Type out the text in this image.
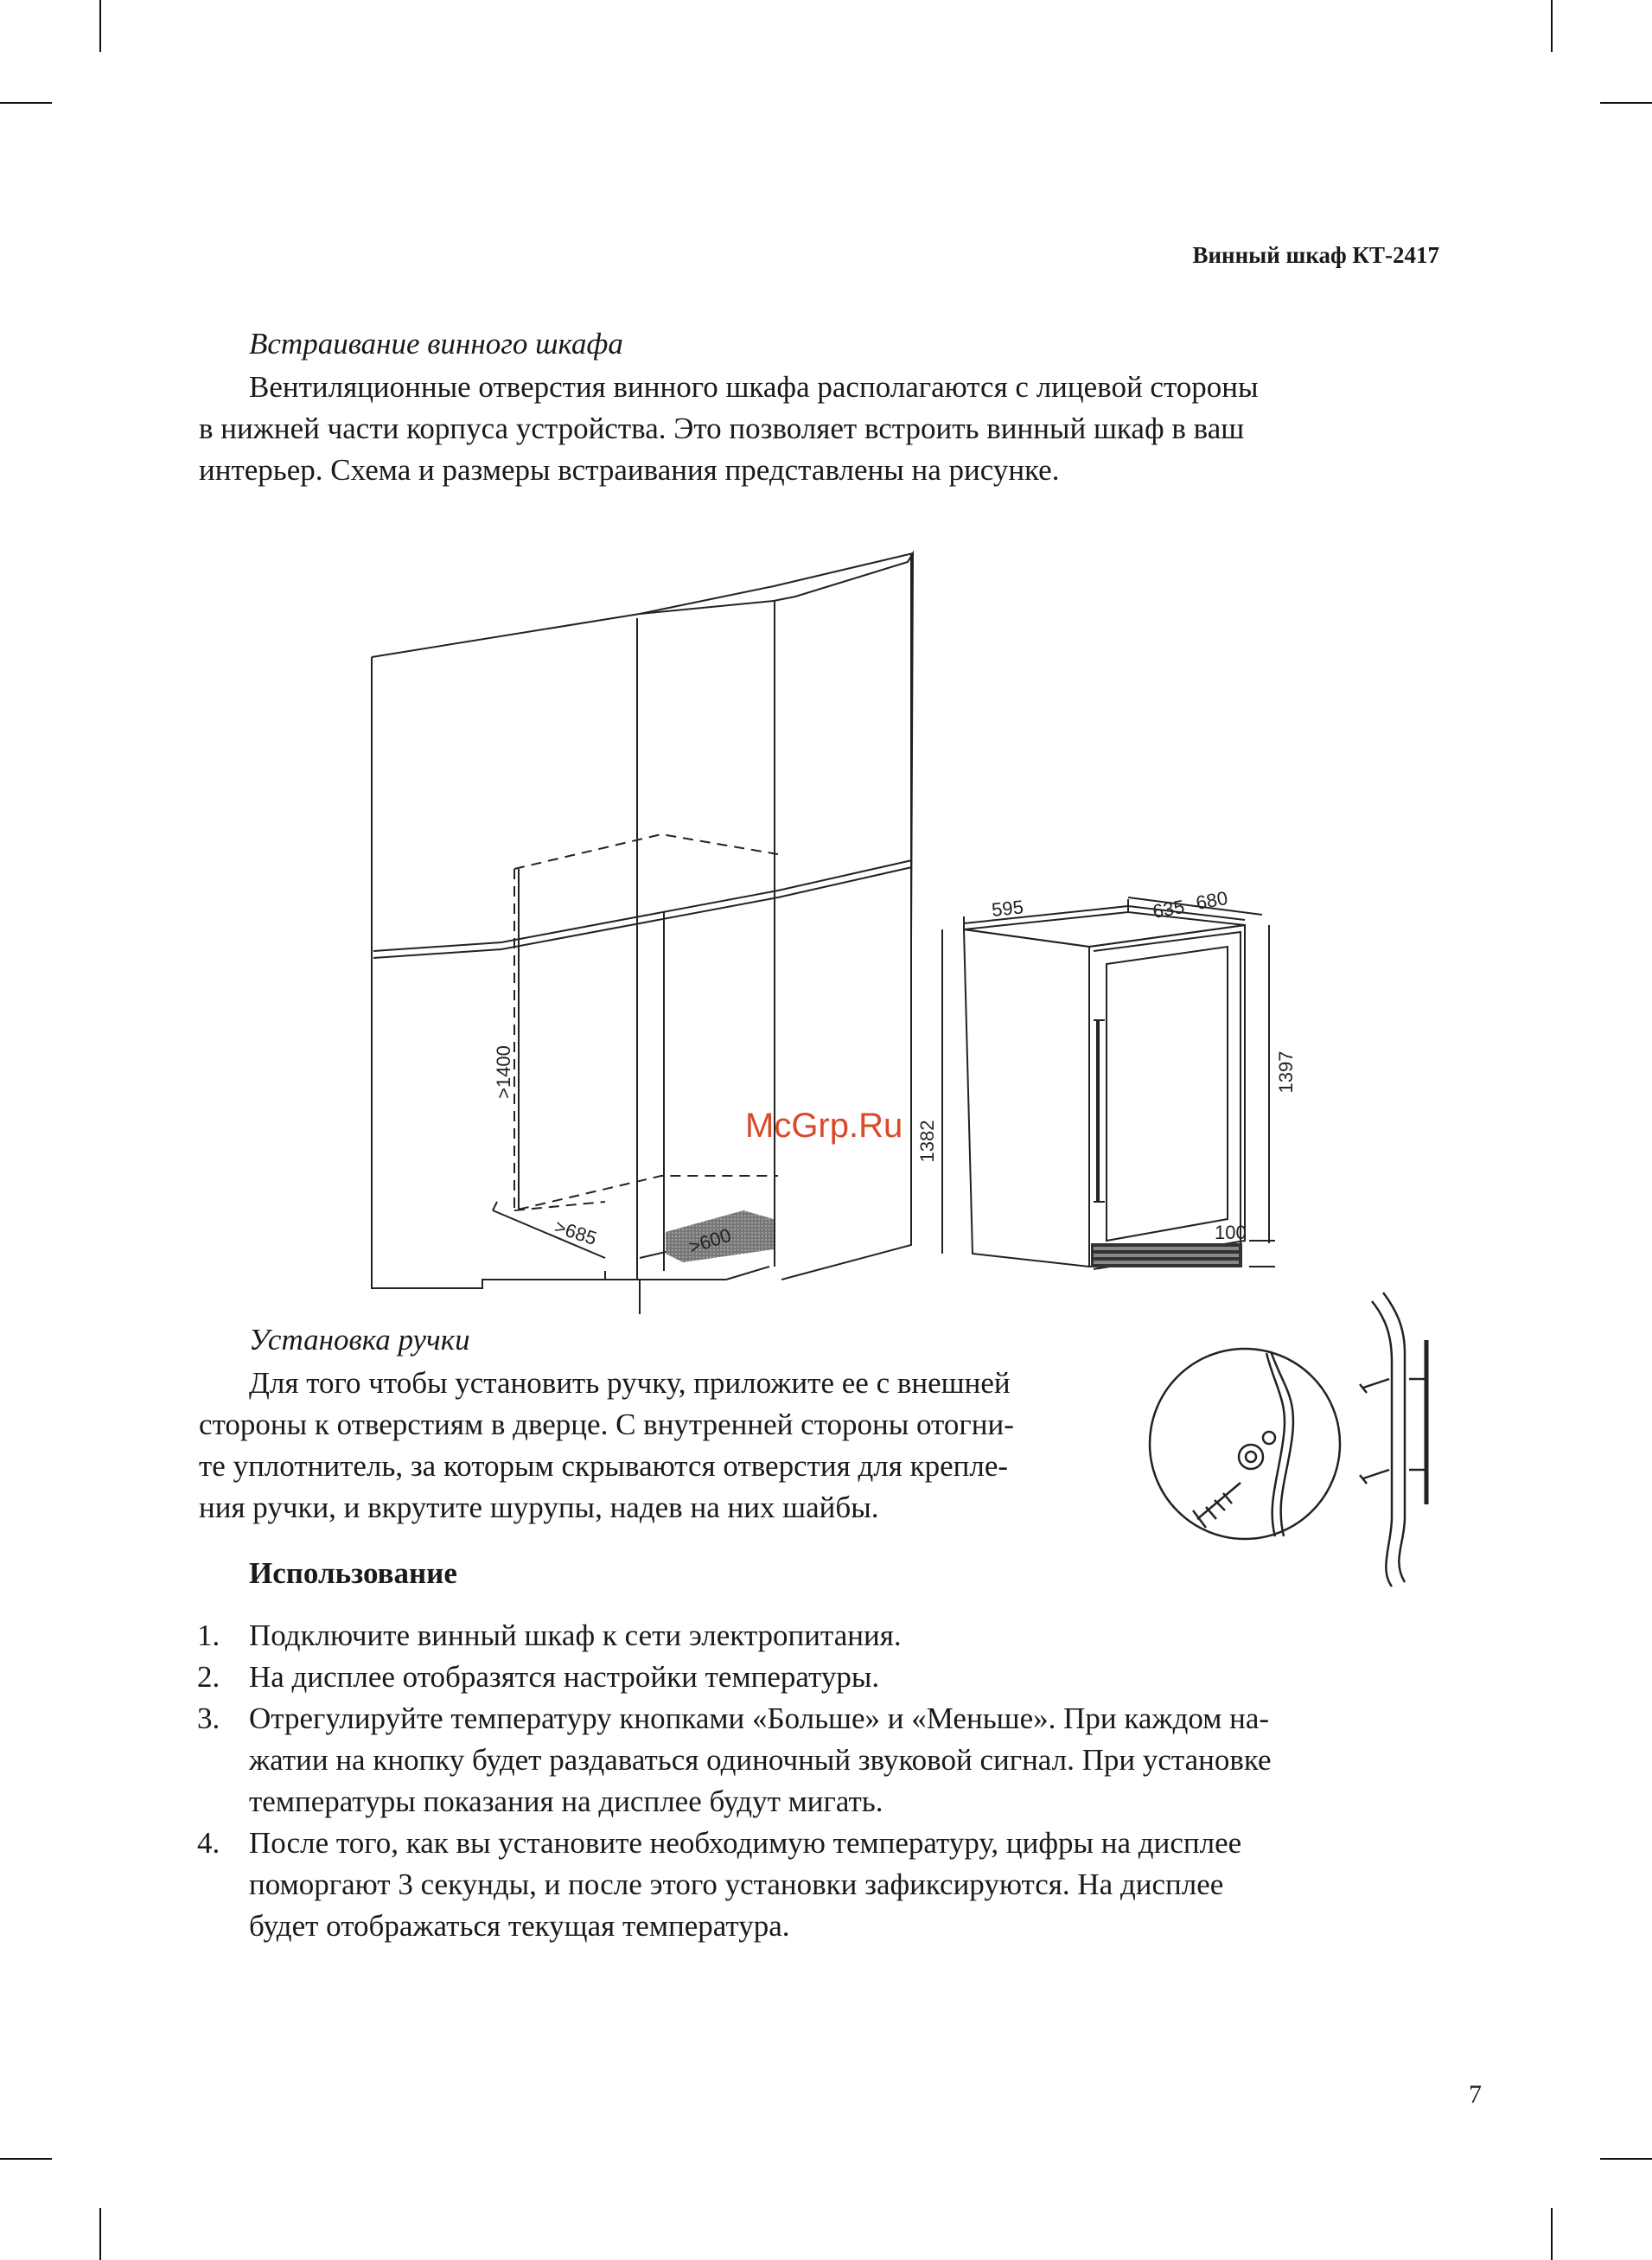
Винный шкаф КТ-2417
Встраивание винного шкафа
Вентиляционные отверстия винного шкафа располагаются с лицевой стороны
в нижней части корпуса устройства. Это позволяет встроить винный шкаф в ваш
интерьер. Схема и размеры встраивания представлены на рисунке.
>1400
>685	>600
595	635 680
1382
1397
100
McGrp.Ru
Установка ручки
Для того чтобы установить ручку, приложите ее с внешней
стороны к отверстиям в дверце. С внутренней стороны отогни-
те уплотнитель, за которым скрываются отверстия для крепле-
ния ручки, и вкрутите шурупы, надев на них шайбы.
Использование
1. Подключите винный шкаф к сети электропитания.
2. На дисплее отобразятся настройки температуры.
3. Отрегулируйте температуру кнопками «Больше» и «Меньше». При каждом на-
жатии на кнопку будет раздаваться одиночный звуковой сигнал. При установке
температуры показания на дисплее будут мигать.
4. После того, как вы установите необходимую температуру, цифры на дисплее
поморгают 3 секунды, и после этого установки зафиксируются. На дисплее
будет отображаться текущая температура.
7
